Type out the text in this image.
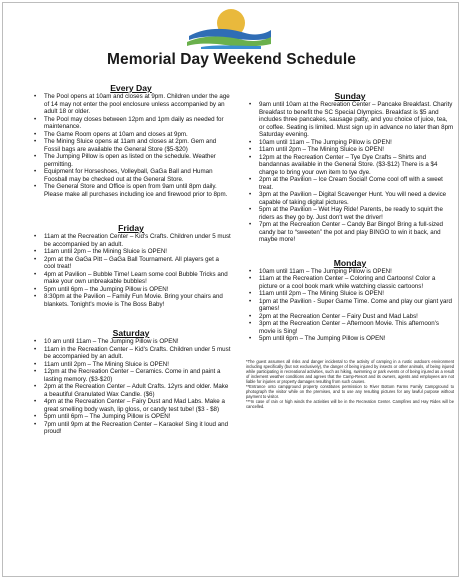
Memorial Day Weekend Schedule
Every Day
• The Pool opens at 10am and closes at 9pm. Children under the age of 14 may not enter the pool enclosure unless accompanied by an adult 18 or older.
• The Pool may closes between 12pm and 1pm daily as needed for maintenance.
• The Game Room opens at 10am and closes at 9pm.
• The Mining Sluice opens at 11am and closes at 2pm. Gem and Fossil bags are available the General Store ($5-$20)
• The Jumping Pillow is open as listed on the schedule. Weather permitting.
• Equipment for Horseshoes, Volleyball, GaGa Ball and Human Foosball may be checked out at the General Store.
• The General Store and Office is open from 9am until 8pm daily. Please make all purchases including ice and firewood prior to 8pm.
Friday
• 11am at the Recreation Center – Kid's Crafts. Children under 5 must be accompanied by an adult.
• 11am until 2pm – the Mining Sluice is OPEN!
• 2pm at the GaGa Pitt – GaGa Ball Tournament. All players get a cool treat!
• 4pm at Pavilion – Bubble Time! Learn some cool Bubble Tricks and make your own unbreakable bubbles!
• 5pm until 6pm – the Jumping Pillow is OPEN!
• 8:30pm at the Pavilion – Family Fun Movie. Bring your chairs and blankets. Tonight's movie is The Boss Baby!
Saturday
• 10 am until 11am – The Jumping Pillow is OPEN!
• 11am in the Recreation Center – Kid's Crafts. Children under 5 must be accompanied by an adult.
• 11am until 2pm – The Mining Sluice is OPEN!
• 12pm at the Recreation Center – Ceramics. Come in and paint a lasting memory. ($3-$20)
• 2pm at the Recreation Center – Adult Crafts. 12yrs and older. Make a beautiful Granulated Wax Candle. ($6)
• 4pm at the Recreation Center – Fairy Dust and Mad Labs. Make a great smelling body wash, lip gloss, or candy test tube! ($3 - $8)
• 5pm until 6pm – The Jumping Pillow is OPEN!
• 7pm until 9pm at the Recreation Center – Karaoke! Sing it loud and proud!
Sunday
• 9am until 10am at the Recreation Center – Pancake Breakfast. Charity Breakfast to benefit the SC Special Olympics. Breakfast is $5 and includes three pancakes, sausage patty, and you choice of juice, tea, or coffee. Seating is limited. Must sign up in advance no later than 8pm Saturday evening.
• 10am until 11am – The Jumping Pillow is OPEN!
• 11am until 2pm – The Mining Sluice is OPEN!
• 12pm at the Recreation Center – Tye Dye Crafts – Shirts and bandannas available in the General Store. ($3-$12) There is a $4 charge to bring your own item to tye dye.
• 2pm at the Pavilion – Ice Cream Social! Come cool off with a sweet treat.
• 3pm at the Pavilion – Digital Scavenger Hunt. You will need a device capable of taking digital pictures.
• 5pm at the Pavilion – Wet Hay Ride! Parents, be ready to squirt the riders as they go by. Just don't wet the driver!
• 7pm at the Recreation Center – Candy Bar Bingo! Bring a full-sized candy bar to “sweeten” the pot and play BINGO to win it back, and maybe more!
Monday
• 10am until 11am – The Jumping Pillow is OPEN!
• 11am at the Recreation Center – Coloring and Cartoons! Color a picture or a cool book mark while watching classic cartoons!
• 11am until 2pm – The Mining Sluice is OPEN!
• 1pm at the Pavilion - Super Game Time. Come and play our giant yard games!
• 2pm at the Recreation Center – Fairy Dust and Mad Labs!
• 3pm at the Recreation Center – Afternoon Movie. This afternoon's movie is Sing!
• 5pm until 6pm – The Jumping Pillow is OPEN!

*The guest assumes all risks and danger incidental to the activity of camping in a rustic outdoors environment including specifically (but not exclusively), the danger of being injured by insects or other animals, of being injured while participating in recreational activities, such as hiking, swimming or park events or of being injured as a result of inclement weather conditions and agrees that the Camp-Resort and its owners, agents and employees are not liable for injuries or property damages resulting from such causes.

**Entrance onto campground property constitutes permission to River Bottom Farms Family Campground to photograph the visitor while on the premises, and to use any resulting pictures for any lawful purpose without payment to visitor.

***In case of rain or high winds the activities will be in the Recreation Center. Campfires and Hay Rides will be cancelled.
